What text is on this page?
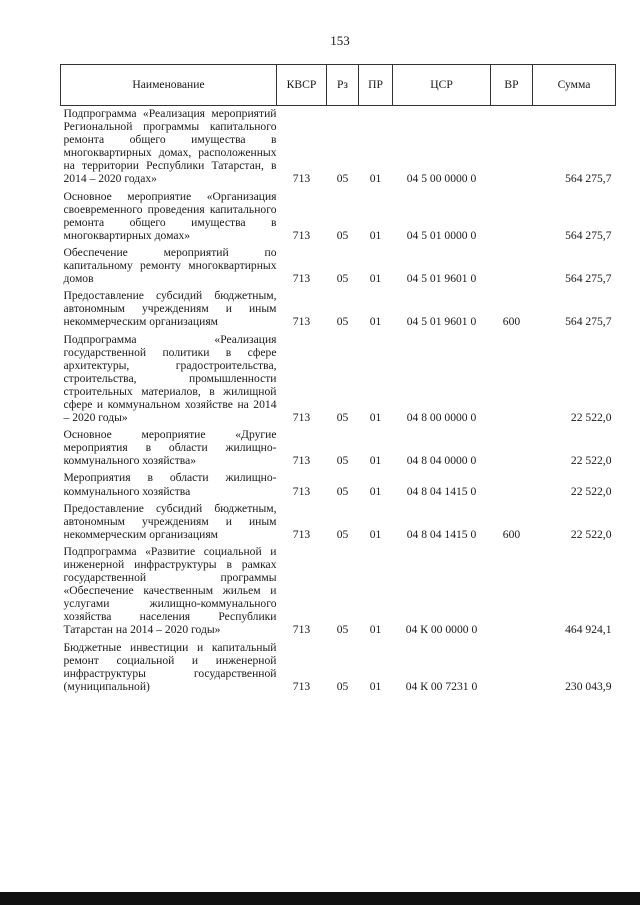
153
Наименование	КВСР	Рз	ПР	ЦСР	ВР	Сумма
Подпрограмма «Реализация мероприятий Региональной программы капитального ремонта общего имущества в многоквартирных домах, расположенных на территории Республики Татарстан, в 2014 – 2020 годах»	713	05	01	04 5 00 0000 0		564 275,7
Основное мероприятие «Организация своевременного проведения капитального ремонта общего имущества в многоквартирных домах»	713	05	01	04 5 01 0000 0		564 275,7
Обеспечение мероприятий по капитальному ремонту многоквартирных домов	713	05	01	04 5 01 9601 0		564 275,7
Предоставление субсидий бюджетным, автономным учреждениям и иным некоммерческим организациям	713	05	01	04 5 01 9601 0	600	564 275,7
Подпрограмма «Реализация государственной политики в сфере архитектуры, градостроительства, строительства, промышленности строительных материалов, в жилищной сфере и коммунальном хозяйстве на 2014 – 2020 годы»	713	05	01	04 8 00 0000 0		22 522,0
Основное мероприятие «Другие мероприятия в области жилищно-коммунального хозяйства»	713	05	01	04 8 04 0000 0		22 522,0
Мероприятия в области жилищно-коммунального хозяйства	713	05	01	04 8 04 1415 0		22 522,0
Предоставление субсидий бюджетным, автономным учреждениям и иным некоммерческим организациям	713	05	01	04 8 04 1415 0	600	22 522,0
Подпрограмма «Развитие социальной и инженерной инфраструктуры в рамках государственной программы «Обеспечение качественным жильем и услугами жилищно-коммунального хозяйства населения Республики Татарстан на 2014 – 2020 годы»	713	05	01	04 К 00 0000 0		464 924,1
Бюджетные инвестиции и капитальный ремонт социальной и инженерной инфраструктуры государственной (муниципальной)	713	05	01	04 К 00 7231 0		230 043,9
